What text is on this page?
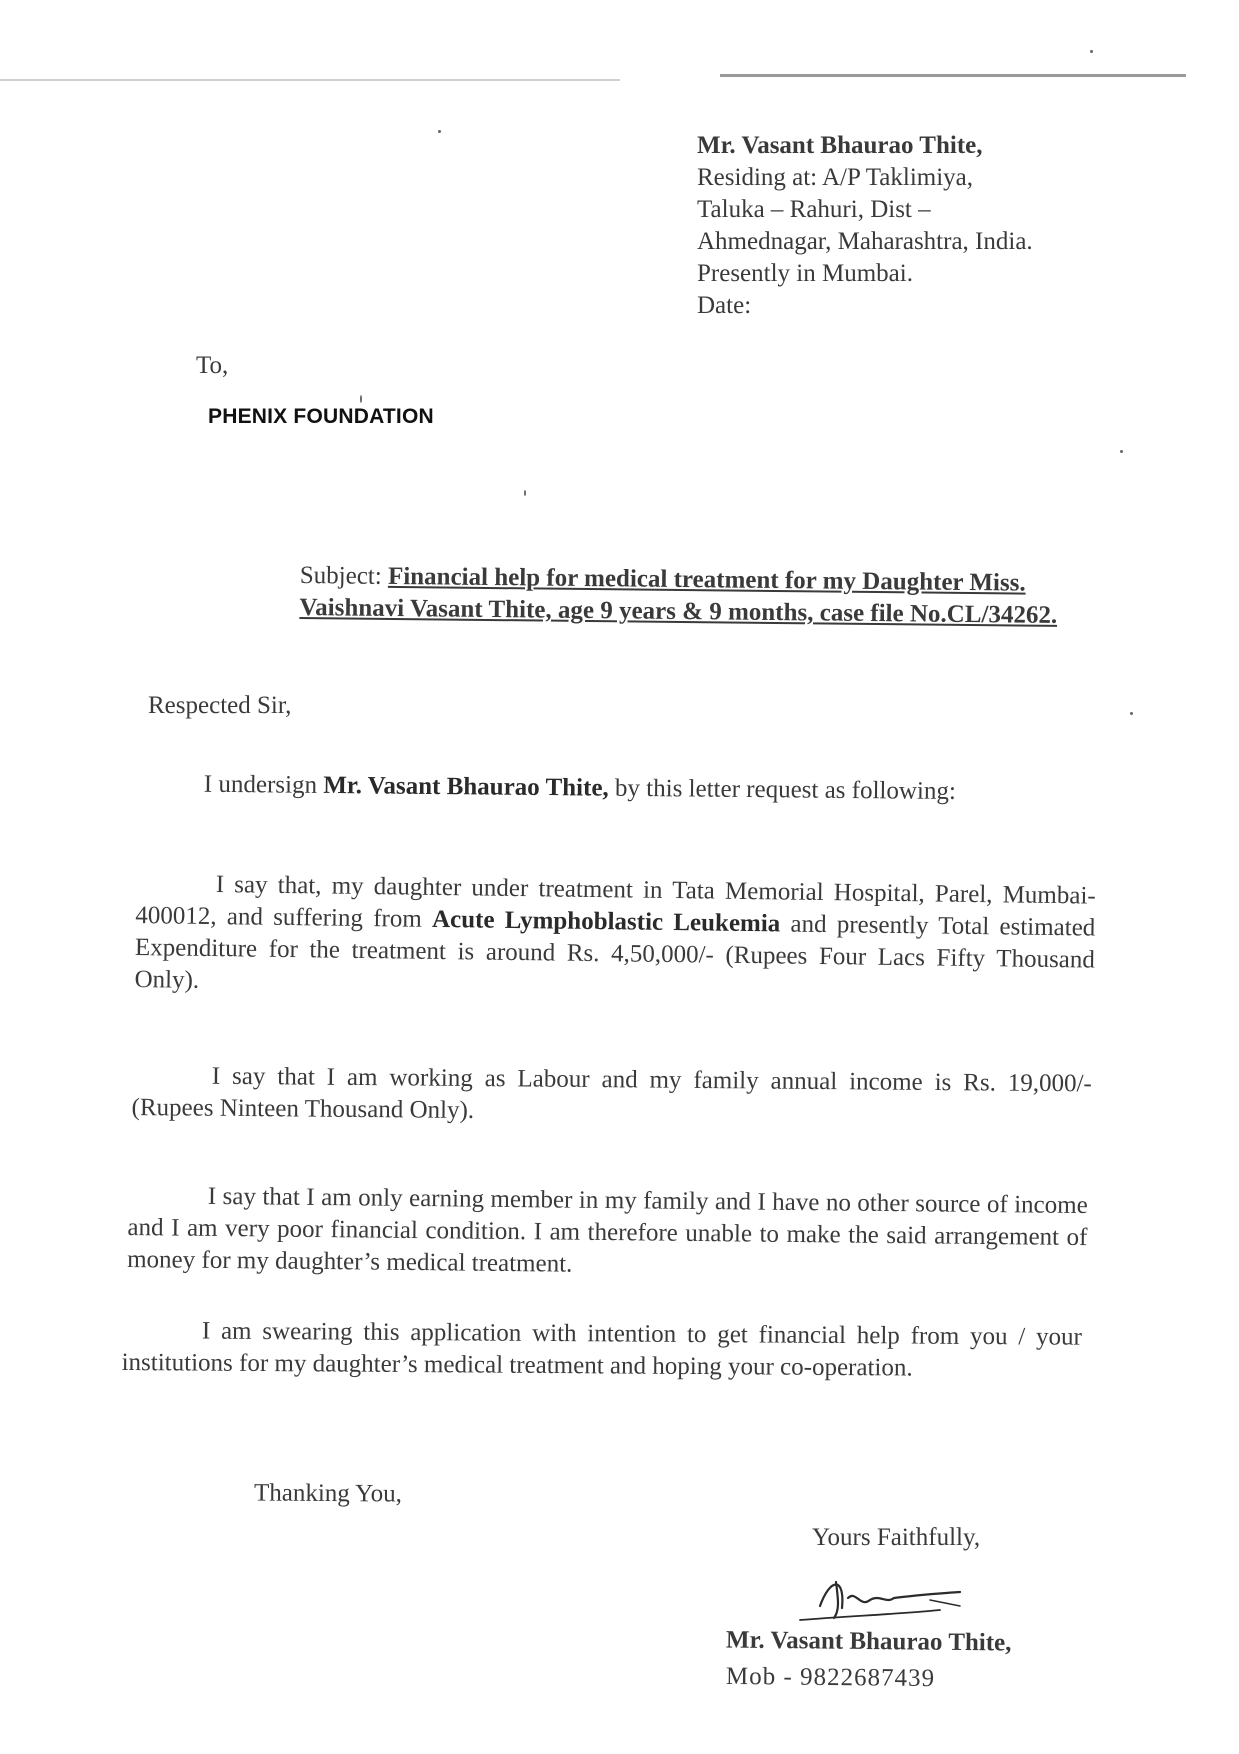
Mr. Vasant Bhaurao Thite,
Residing at: A/P Taklimiya,
Taluka – Rahuri, Dist –
Ahmednagar, Maharashtra, India.
Presently in Mumbai.
Date:
To,
PHENIX FOUNDATION
Subject: Financial help for medical treatment for my Daughter Miss. Vaishnavi Vasant Thite, age 9 years & 9 months, case file No.CL/34262.
Respected Sir,
I undersign Mr. Vasant Bhaurao Thite, by this letter request as following:
I say that, my daughter under treatment in Tata Memorial Hospital, Parel, Mumbai-400012, and suffering from Acute Lymphoblastic Leukemia and presently Total estimated Expenditure for the treatment is around Rs. 4,50,000/- (Rupees Four Lacs Fifty Thousand Only).
I say that I am working as Labour and my family annual income is Rs. 19,000/- (Rupees Ninteen Thousand Only).
I say that I am only earning member in my family and I have no other source of income and I am very poor financial condition. I am therefore unable to make the said arrangement of money for my daughter’s medical treatment.
I am swearing this application with intention to get financial help from you / your institutions for my daughter’s medical treatment and hoping your co-operation.
Thanking You,
Yours Faithfully,
Mr. Vasant Bhaurao Thite,
Mob - 9822687439
